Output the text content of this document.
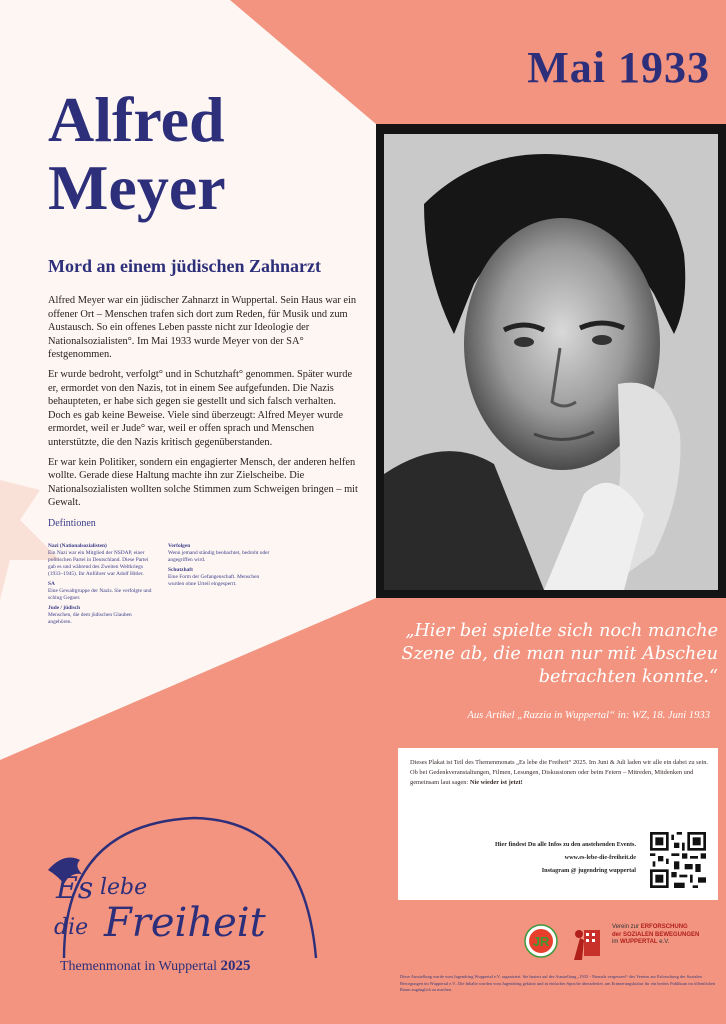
Mai 1933
Alfred Meyer
Mord an einem jüdischen Zahnarzt

Alfred Meyer war ein jüdischer Zahnarzt in Wuppertal. Sein Haus war ein offener Ort – Menschen trafen sich dort zum Reden, für Musik und zum Austausch. So ein offenes Leben passte nicht zur Ideologie der Nationalsozialisten°. Im Mai 1933 wurde Meyer von der SA° festgenommen.

Er wurde bedroht, verfolgt° und in Schutzhaft° genommen. Später wurde er, ermordet von den Nazis, tot in einem See aufgefunden. Die Nazis behaupteten, er habe sich gegen sie gestellt und sich falsch verhalten. Doch es gab keine Beweise. Viele sind überzeugt: Alfred Meyer wurde ermordet, weil er Jude° war, weil er offen sprach und Menschen unterstützte, die den Nazis kritisch gegenüberstanden.

Er war kein Politiker, sondern ein engagierter Mensch, der anderen helfen wollte. Gerade diese Haltung machte ihn zur Zielscheibe. Die Nationalsozialisten wollten solche Stimmen zum Schweigen bringen – mit Gewalt.

Defintionen
Nazi (Nationalsozialisten)
Ein Nazi war ein Mitglied der NSDAP, einer politischen Partei in Deutschland. Diese Partei gab es und während des Zweiten Weltkriegs (1933–1945). Ihr Anführer war Adolf Hitler.
SA
Eine Gewaltgruppe der Nazis. Sie verfolgte und schlug Gegner.
Jude / jüdisch
Menschen, die dem jüdischen Glauben angehören.
Verfolgen
Wenn jemand ständig beobachtet, bedroht oder angegriffen wird.
Schutzhaft
Eine Form der Gefangenschaft. Menschen wurden ohne Urteil eingesperrt.
„Hier bei spielte sich noch manche Szene ab, die man nur mit Abscheu betrachten konnte.“
Aus Artikel „Razzia in Wuppertal“ in: WZ, 18. Juni 1933
Dieses Plakat ist Teil des Themenmonats „Es lebe die Freiheit“ 2025. Im Juni & Juli laden wir alle ein dabei zu sein. Ob bei Gedenkveranstaltungen, Filmen, Lesungen, Diskussionen oder beim Feiern – Mitreden, Mitdenken und gemeinsam laut sagen: Nie wieder ist jetzt!
Hier findest Du alle Infos zu den anstehenden Events.
www.es-lebe-die-freiheit.de
Instagram @ jugendring wuppertal
JR
Verein zur ERFORSCHUNG
der SOZIALEN BEWEGUNGEN
im WUPPERTAL e.V.
Diese Ausstellung wurde vom Jugendring Wuppertal e.V. organisiert. Sie basiert auf der Ausstellung „1933 - Niemals vergessen!“ des Vereins zur Erforschung der Sozialen Bewegungen im Wuppertal e.V.. Die Inhalte wurden vom Jugendring gekürzt und in einfacher Sprache überarbeitet, um Erinnerungskultur für ein breites Publikum im öffentlichen Raum zugänglich zu machen.
Es lebe
die Freiheit
Themenmonat in Wuppertal 2025
